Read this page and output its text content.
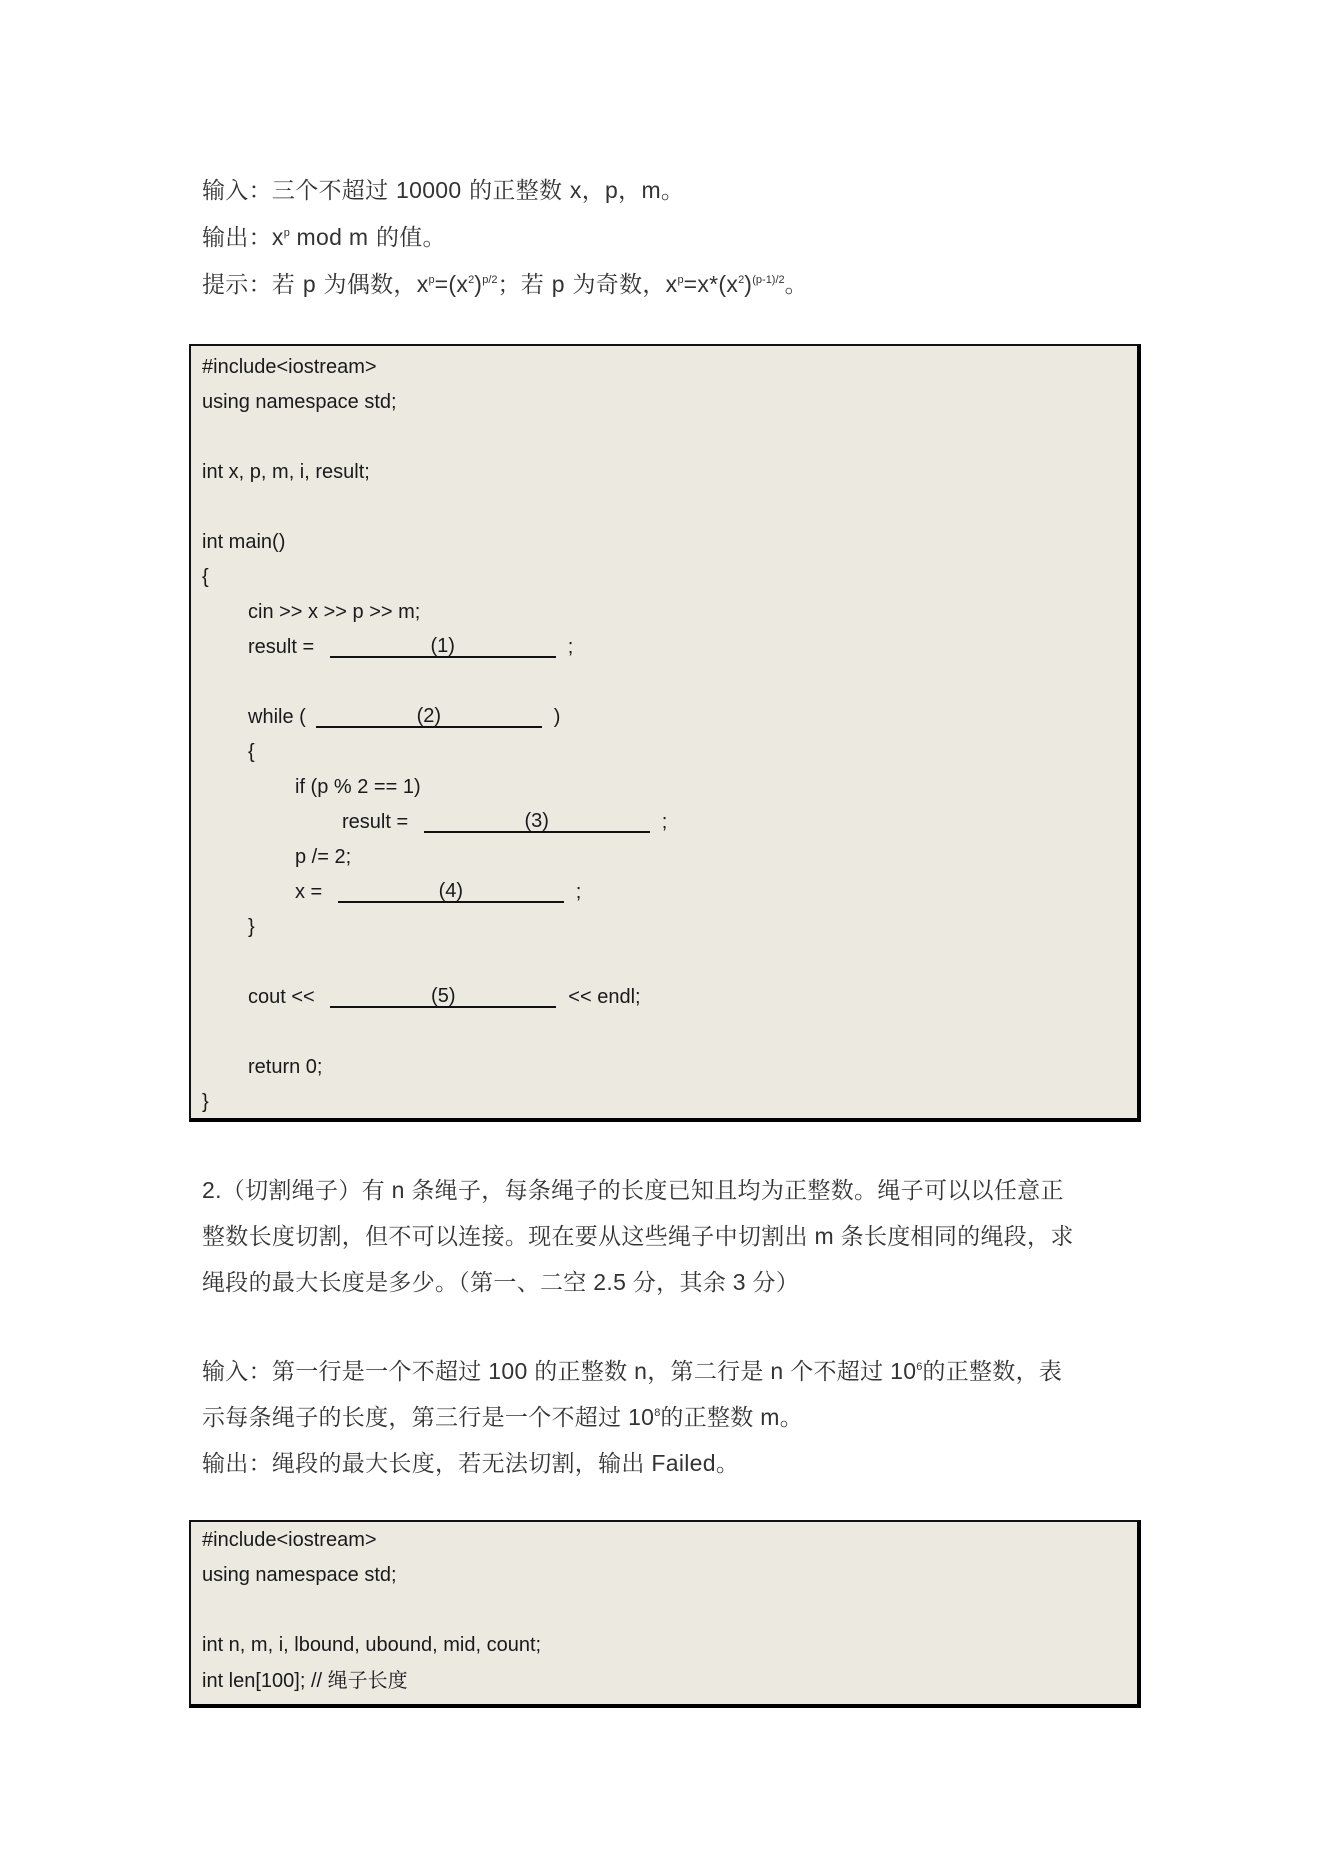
输入：三个不超过 10000 的正整数 x，p，m。
输出：$x^p$ mod m 的值。
提示：若 p 为偶数，$x^p=(x^2)^{p/2}$；若 p 为奇数，$x^p=x*(x^2)^{(p-1)/2}$。
#include<iostream>
using namespace std;
int x, p, m, i, result;
int main()
{
cin >> x >> p >> m;
result =	(1)	;
while (	(2)	)
{
if (p % 2 == 1)
result =	(3)	;
p /= 2;
x =	(4)	;
}
cout <<	(5)	<< endl;
return 0;
}
2.（切割绳子）有 n 条绳子，每条绳子的长度已知且均为正整数。绳子可以以任意正
整数长度切割，但不可以连接。现在要从这些绳子中切割出 m 条长度相同的绳段，求
绳段的最大长度是多少。（第一、二空 2.5 分，其余 3 分）
输入：第一行是一个不超过 100 的正整数 n，第二行是 n 个不超过 $10^6$的正整数，表
示每条绳子的长度，第三行是一个不超过 $10^8$的正整数 m。
输出：绳段的最大长度，若无法切割，输出 Failed。
#include<iostream>
using namespace std;
int n, m, i, lbound, ubound, mid, count;
int len[100]; // 绳子长度
